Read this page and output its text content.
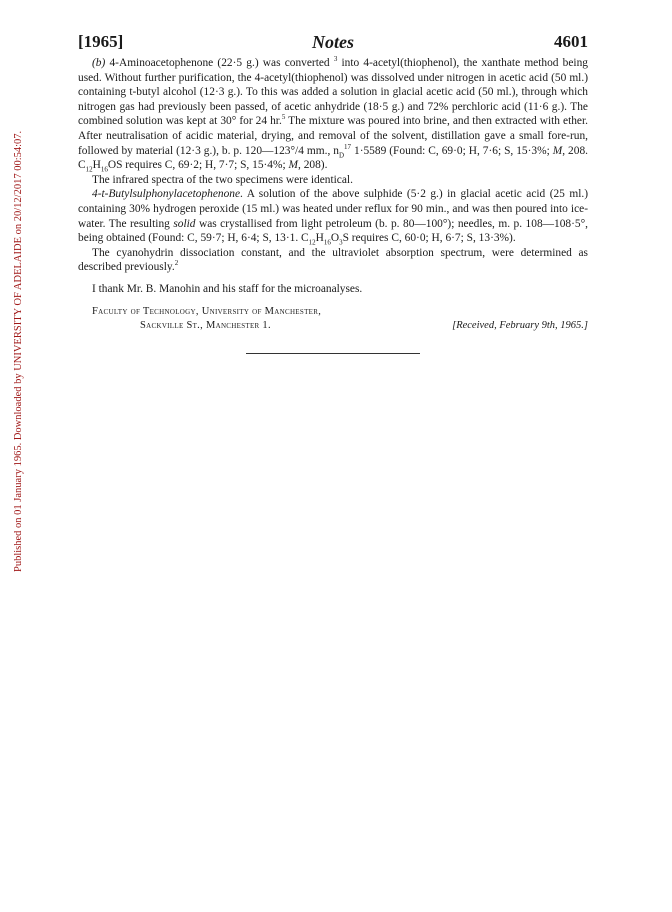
Published on 01 January 1965. Downloaded by UNIVERSITY OF ADELAIDE on 20/12/2017 00:54:07.
[1965]	Notes	4601

(b) 4-Aminoacetophenone (22·5 g.) was converted $^3$ into 4-acetyl(thiophenol), the xanthate method being used. Without further purification, the 4-acetyl(thiophenol) was dissolved under nitrogen in acetic acid (50 ml.) containing t-butyl alcohol (12·3 g.). To this was added a solution in glacial acetic acid (50 ml.), through which nitrogen gas had previously been passed, of acetic anhydride (18·5 g.) and 72% perchloric acid (11·6 g.). The combined solution was kept at 30° for 24 hr.$^5$ The mixture was poured into brine, and then extracted with ether. After neutralisation of acidic material, drying, and removal of the solvent, distillation gave a small fore-run, followed by material (12·3 g.), b. p. 120—123°/4 mm., $n_D^{17}$ 1·5589 (Found: C, 69·0; H, 7·6; S, 15·3%; M, 208. $C_{12}H_{16}OS$ requires C, 69·2; H, 7·7; S, 15·4%; M, 208).

The infrared spectra of the two specimens were identical.

4-t-Butylsulphonylacetophenone. A solution of the above sulphide (5·2 g.) in glacial acetic acid (25 ml.) containing 30% hydrogen peroxide (15 ml.) was heated under reflux for 90 min., and was then poured into ice-water. The resulting solid was crystallised from light petroleum (b. p. 80—100°); needles, m. p. 108—108·5°, being obtained (Found: C, 59·7; H, 6·4; S, 13·1. $C_{12}H_{16}O_3S$ requires C, 60·0; H, 6·7; S, 13·3%).

The cyanohydrin dissociation constant, and the ultraviolet absorption spectrum, were determined as described previously.$^2$

I thank Mr. B. Manohin and his staff for the microanalyses.

Faculty of Technology, University of Manchester,
Sackville St., Manchester 1.	[Received, February 9th, 1965.]
